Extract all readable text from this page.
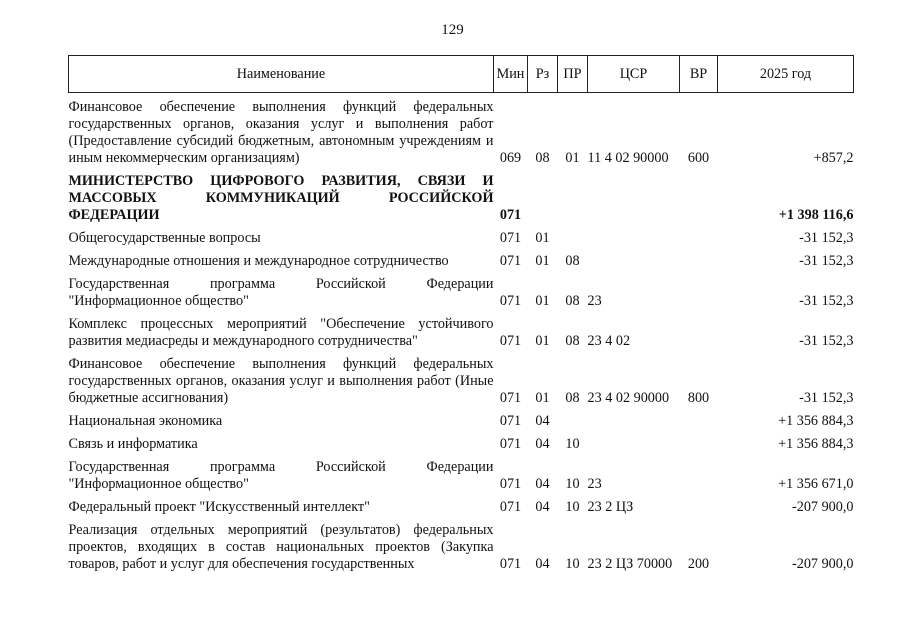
129
Наименование	Мин	Рз	ПР	ЦСР	ВР	2025 год
Финансовое обеспечение выполнения функций федеральных государственных органов, оказания услуг и выполнения работ (Предоставление субсидий бюджетным, автономным учреждениям и иным некоммерческим организациям)	069	08	01	11 4 02 90000	600	+857,2
МИНИСТЕРСТВО ЦИФРОВОГО РАЗВИТИЯ, СВЯЗИ И МАССОВЫХ КОММУНИКАЦИЙ РОССИЙСКОЙ ФЕДЕРАЦИИ	071					+1 398 116,6
Общегосударственные вопросы	071	01				-31 152,3
Международные отношения и международное сотрудничество	071	01	08			-31 152,3
Государственная программа Российской Федерации "Информационное общество"	071	01	08	23		-31 152,3
Комплекс процессных мероприятий "Обеспечение устойчивого развития медиасреды и международного сотрудничества"	071	01	08	23 4 02		-31 152,3
Финансовое обеспечение выполнения функций федеральных государственных органов, оказания услуг и выполнения работ (Иные бюджетные ассигнования)	071	01	08	23 4 02 90000	800	-31 152,3
Национальная экономика	071	04				+1 356 884,3
Связь и информатика	071	04	10			+1 356 884,3
Государственная программа Российской Федерации "Информационное общество"	071	04	10	23		+1 356 671,0
Федеральный проект "Искусственный интеллект"	071	04	10	23 2 ЦЗ		-207 900,0
Реализация отдельных мероприятий (результатов) федеральных проектов, входящих в состав национальных проектов (Закупка товаров, работ и услуг для обеспечения государственных	071	04	10	23 2 ЦЗ 70000	200	-207 900,0
